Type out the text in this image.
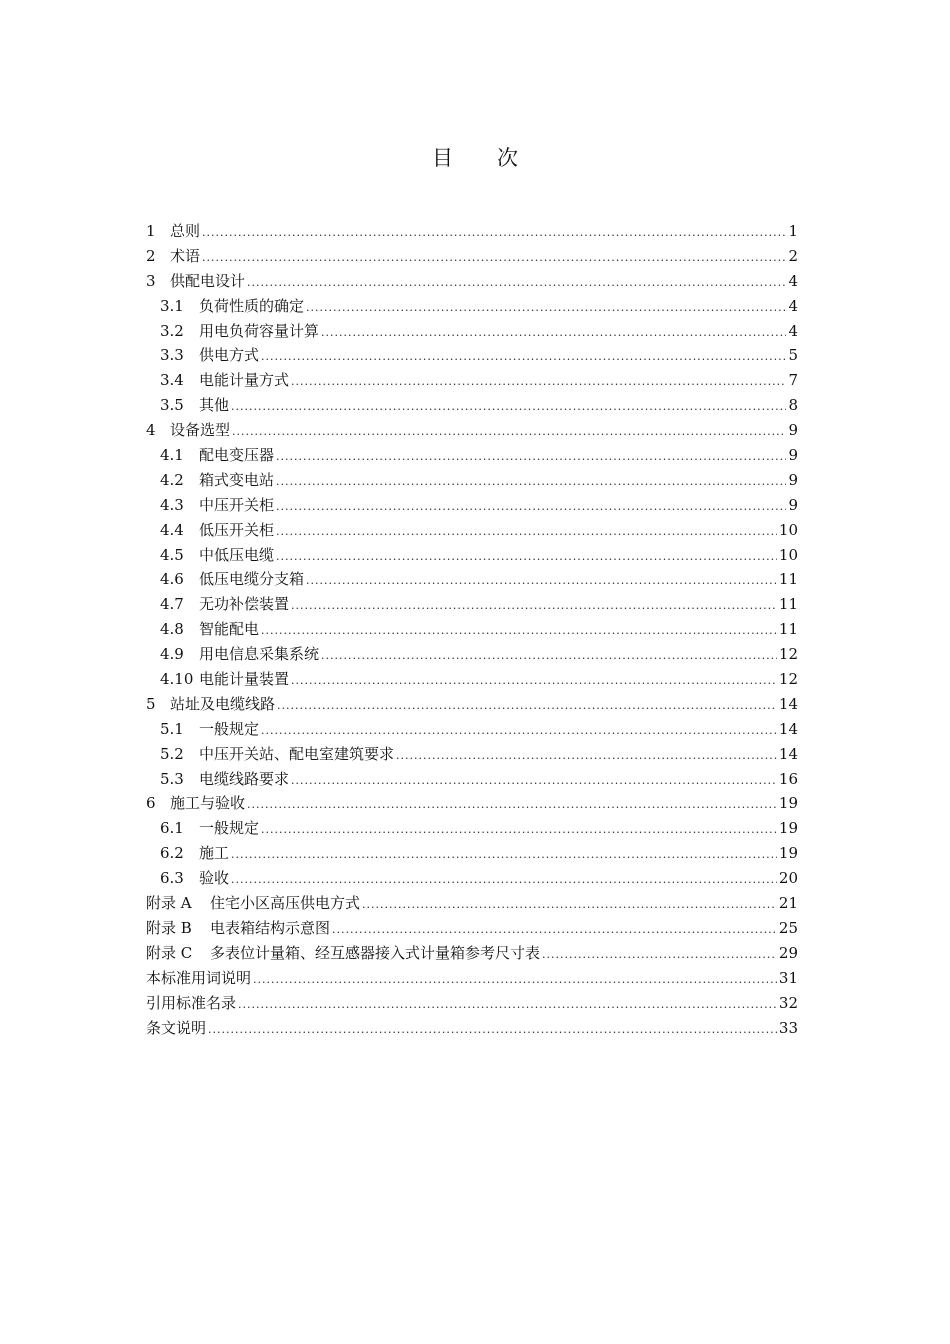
目 次
1 总则 .....	1
2 术语 .....	2
3 供配电设计 .....	4
3.1	负荷性质的确定 .....	4
3.2	用电负荷容量计算 .....	4
3.3	供电方式 .....	5
3.4	电能计量方式 .....	7
3.5	其他 .....	8
4 设备选型 .....	9
4.1	配电变压器 .....	9
4.2	箱式变电站 .....	9
4.3	中压开关柜 .....	9
4.4	低压开关柜 .....	10
4.5	中低压电缆 .....	10
4.6	低压电缆分支箱 .....	11
4.7	无功补偿装置 .....	11
4.8	智能配电 .....	11
4.9	用电信息采集系统 .....	12
4.10 电能计量装置 .....	12
5 站址及电缆线路 .....	14
5.1	一般规定 .....	14
5.2	中压开关站、配电室建筑要求 .....	14
5.3	电缆线路要求 .....	16
6 施工与验收 .....	19
6.1	一般规定 .....	19
6.2	施工 .....	19
6.3	验收 .....	20
附录 A	住宅小区高压供电方式 .....	21
附录 B	电表箱结构示意图 .....	25
附录 C	多表位计量箱、经互感器接入式计量箱参考尺寸表 .....	29
本标准用词说明 .....	31
引用标准名录 .....	32
条文说明 .....	33
